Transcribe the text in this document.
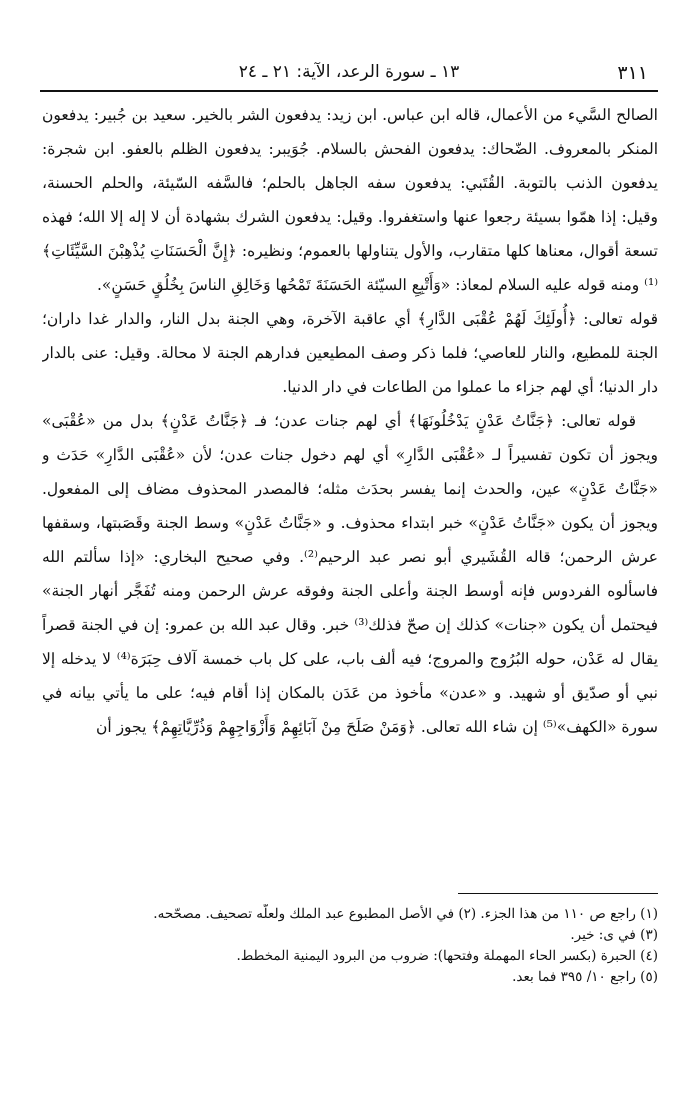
٣١١
١٣ ـ سورة الرعد، الآية: ٢١ ـ ٢٤

الصالح السَّيء من الأعمال، قاله ابن عباس. ابن زيد: يدفعون الشر بالخير. سعيد بن جُبير: يدفعون المنكر بالمعروف. الضّحاك: يدفعون الفحش بالسلام. جُوَيبر: يدفعون الظلم بالعفو. ابن شجرة: يدفعون الذنب بالتوبة. القُتَبي: يدفعون سفه الجاهل بالحلم؛ فالسَّفه السّيئة، والحلم الحسنة، وقيل: إذا همّوا بسيئة رجعوا عنها واستغفروا. وقيل: يدفعون الشرك بشهادة أن لا إله إلا الله؛ فهذه تسعة أقوال، معناها كلها متقارب، والأول يتناولها بالعموم؛ ونظيره: ﴿إِنَّ الْحَسَنَاتِ يُذْهِبْنَ السَّيِّئَاتِ﴾⁽¹⁾ ومنه قوله عليه السلام لمعاذ: «وَأَتْبِعِ السيّئة الحَسَنَةَ تَمْحُها وَخَالِقِ الناسَ بِخُلُقٍ حَسَنٍ».

قوله تعالى: ﴿أُولَئِكَ لَهُمْ عُقْبَى الدَّارِ﴾ أي عاقبة الآخرة، وهي الجنة بدل النار، والدار غدا داران؛ الجنة للمطيع، والنار للعاصي؛ فلما ذكر وصف المطيعين فدارهم الجنة لا محالة. وقيل: عنى بالدار دار الدنيا؛ أي لهم جزاء ما عملوا من الطاعات في دار الدنيا.

قوله تعالى: ﴿جَنَّاتُ عَدْنٍ يَدْخُلُونَهَا﴾ أي لهم جنات عدن؛ فـ ﴿جَنَّاتُ عَدْنٍ﴾ بدل من «عُقْبَى» ويجوز أن تكون تفسيراً لـ «عُقْبَى الدَّارِ» أي لهم دخول جنات عدن؛ لأن «عُقْبَى الدَّارِ» حَدَث و «جَنَّاتُ عَدْنٍ» عين، والحدث إنما يفسر بحدَث مثله؛ فالمصدر المحذوف مضاف إلى المفعول. ويجوز أن يكون «جَنَّاتُ عَدْنٍ» خبر ابتداء محذوف. و «جَنَّاتُ عَدْنٍ» وسط الجنة وقَصَبتها، وسقفها عرش الرحمن؛ قاله القُشَيري أبو نصر عبد الرحيم⁽²⁾. وفي صحيح البخاري: «إذا سألتم الله فاسألوه الفردوس فإنه أوسط الجنة وأعلى الجنة وفوقه عرش الرحمن ومنه تُفَجَّر أنهار الجنة» فيحتمل أن يكون «جنات» كذلك إن صحّ فذلك⁽³⁾ خبر. وقال عبد الله بن عمرو: إن في الجنة قصراً يقال له عَدْن، حوله البُرُوج والمروج؛ فيه ألف باب، على كل باب خمسة آلاف حِبَرَة⁽⁴⁾ لا يدخله إلا نبي أو صدّيق أو شهيد. و «عدن» مأخوذ من عَدَن بالمكان إذا أقام فيه؛ على ما يأتي بيانه في سورة «الكهف»⁽⁵⁾ إن شاء الله تعالى. ﴿وَمَنْ صَلَحَ مِنْ آبَائِهِمْ وَأَزْوَاجِهِمْ وَذُرِّيَّاتِهِمْ﴾ يجوز أن

(١) راجع ص ١١٠ من هذا الجزء. (٢) في الأصل المطبوع عبد الملك ولعلّه تصحيف. مصحّحه.

(٣) في ى: خير.

(٤) الحبرة (بكسر الحاء المهملة وفتحها): ضروب من البرود اليمنية المخطط.

(٥) راجع ١٠/ ٣٩٥ فما بعد.
